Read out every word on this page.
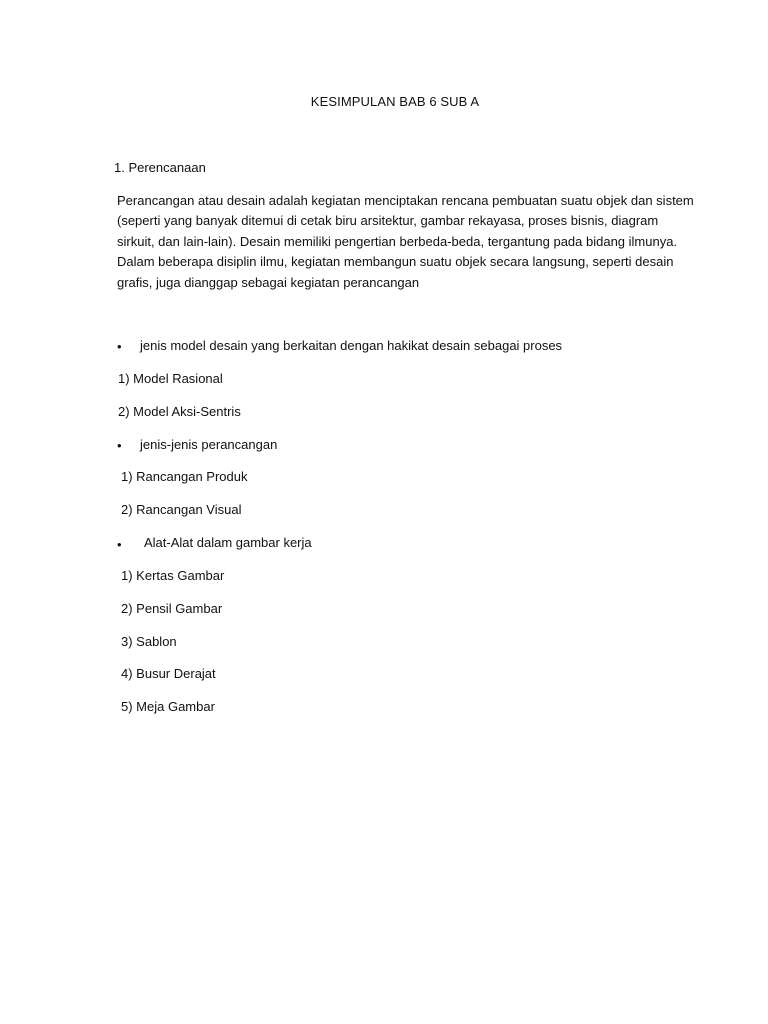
KESIMPULAN BAB 6 SUB A
1. Perencanaan
Perancangan atau desain adalah kegiatan menciptakan rencana pembuatan suatu objek dan sistem
(seperti yang banyak ditemui di cetak biru arsitektur, gambar rekayasa, proses bisnis, diagram
sirkuit, dan lain-lain). Desain memiliki pengertian berbeda-beda, tergantung pada bidang ilmunya.
Dalam beberapa disiplin ilmu, kegiatan membangun suatu objek secara langsung, seperti desain
grafis, juga dianggap sebagai kegiatan perancangan
• jenis model desain yang berkaitan dengan hakikat desain sebagai proses
1) Model Rasional
2) Model Aksi-Sentris
• jenis-jenis perancangan
1) Rancangan Produk
2) Rancangan Visual
• Alat-Alat dalam gambar kerja
1) Kertas Gambar
2) Pensil Gambar
3) Sablon
4) Busur Derajat
5) Meja Gambar
